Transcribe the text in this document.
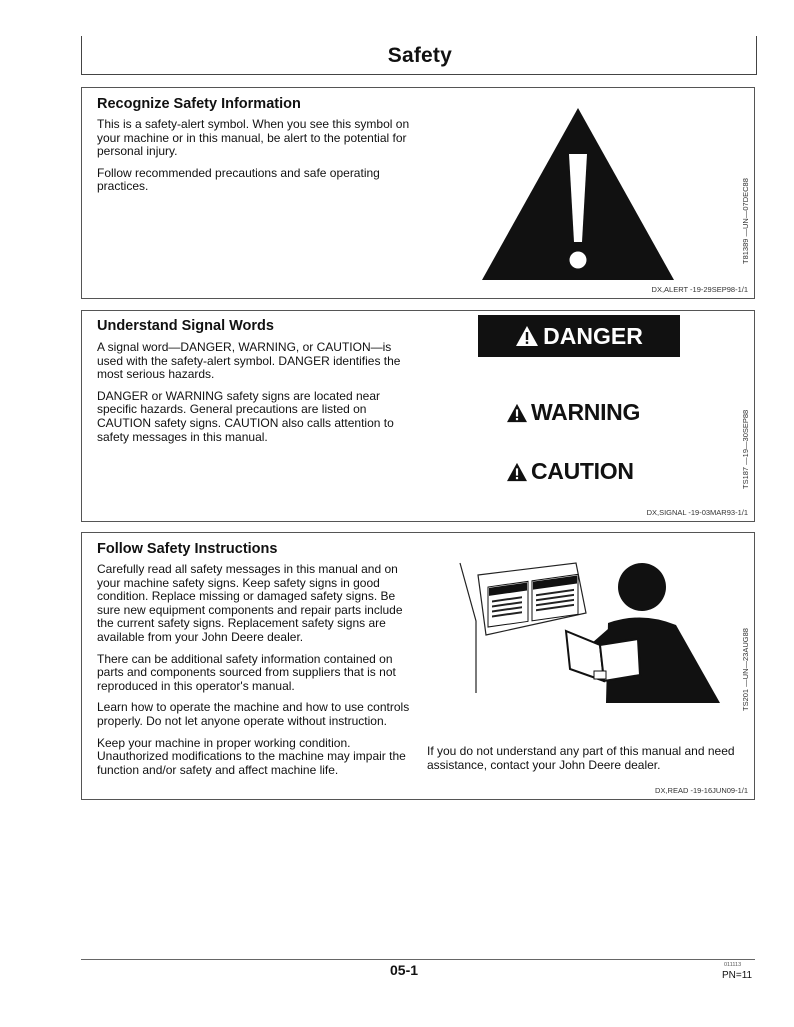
Safety
Recognize Safety Information

This is a safety-alert symbol. When you see this symbol on your machine or in this manual, be alert to the potential for personal injury.

Follow recommended precautions and safe operating practices.	T81389 —UN—07DEC88
DX,ALERT -19-29SEP98-1/1
Understand Signal Words

A signal word—DANGER, WARNING, or CAUTION—is used with the safety-alert symbol. DANGER identifies the most serious hazards.

DANGER or WARNING safety signs are located near specific hazards. General precautions are listed on CAUTION safety signs. CAUTION also calls attention to safety messages in this manual.

DANGER
WARNING
CAUTION	TS187 —19—30SEP88
DX,SIGNAL -19-03MAR93-1/1
Follow Safety Instructions

Carefully read all safety messages in this manual and on your machine safety signs. Keep safety signs in good condition. Replace missing or damaged safety signs. Be sure new equipment components and repair parts include the current safety signs. Replacement safety signs are available from your John Deere dealer.

There can be additional safety information contained on parts and components sourced from suppliers that is not reproduced in this operator's manual.

Learn how to operate the machine and how to use controls properly. Do not let anyone operate without instruction.

Keep your machine in proper working condition. Unauthorized modifications to the machine may impair the function and/or safety and affect machine life.

TS201 —UN—23AUG88
If you do not understand any part of this manual and need assistance, contact your John Deere dealer.
DX,READ -19-16JUN09-1/1
05-1	011113
PN=11
